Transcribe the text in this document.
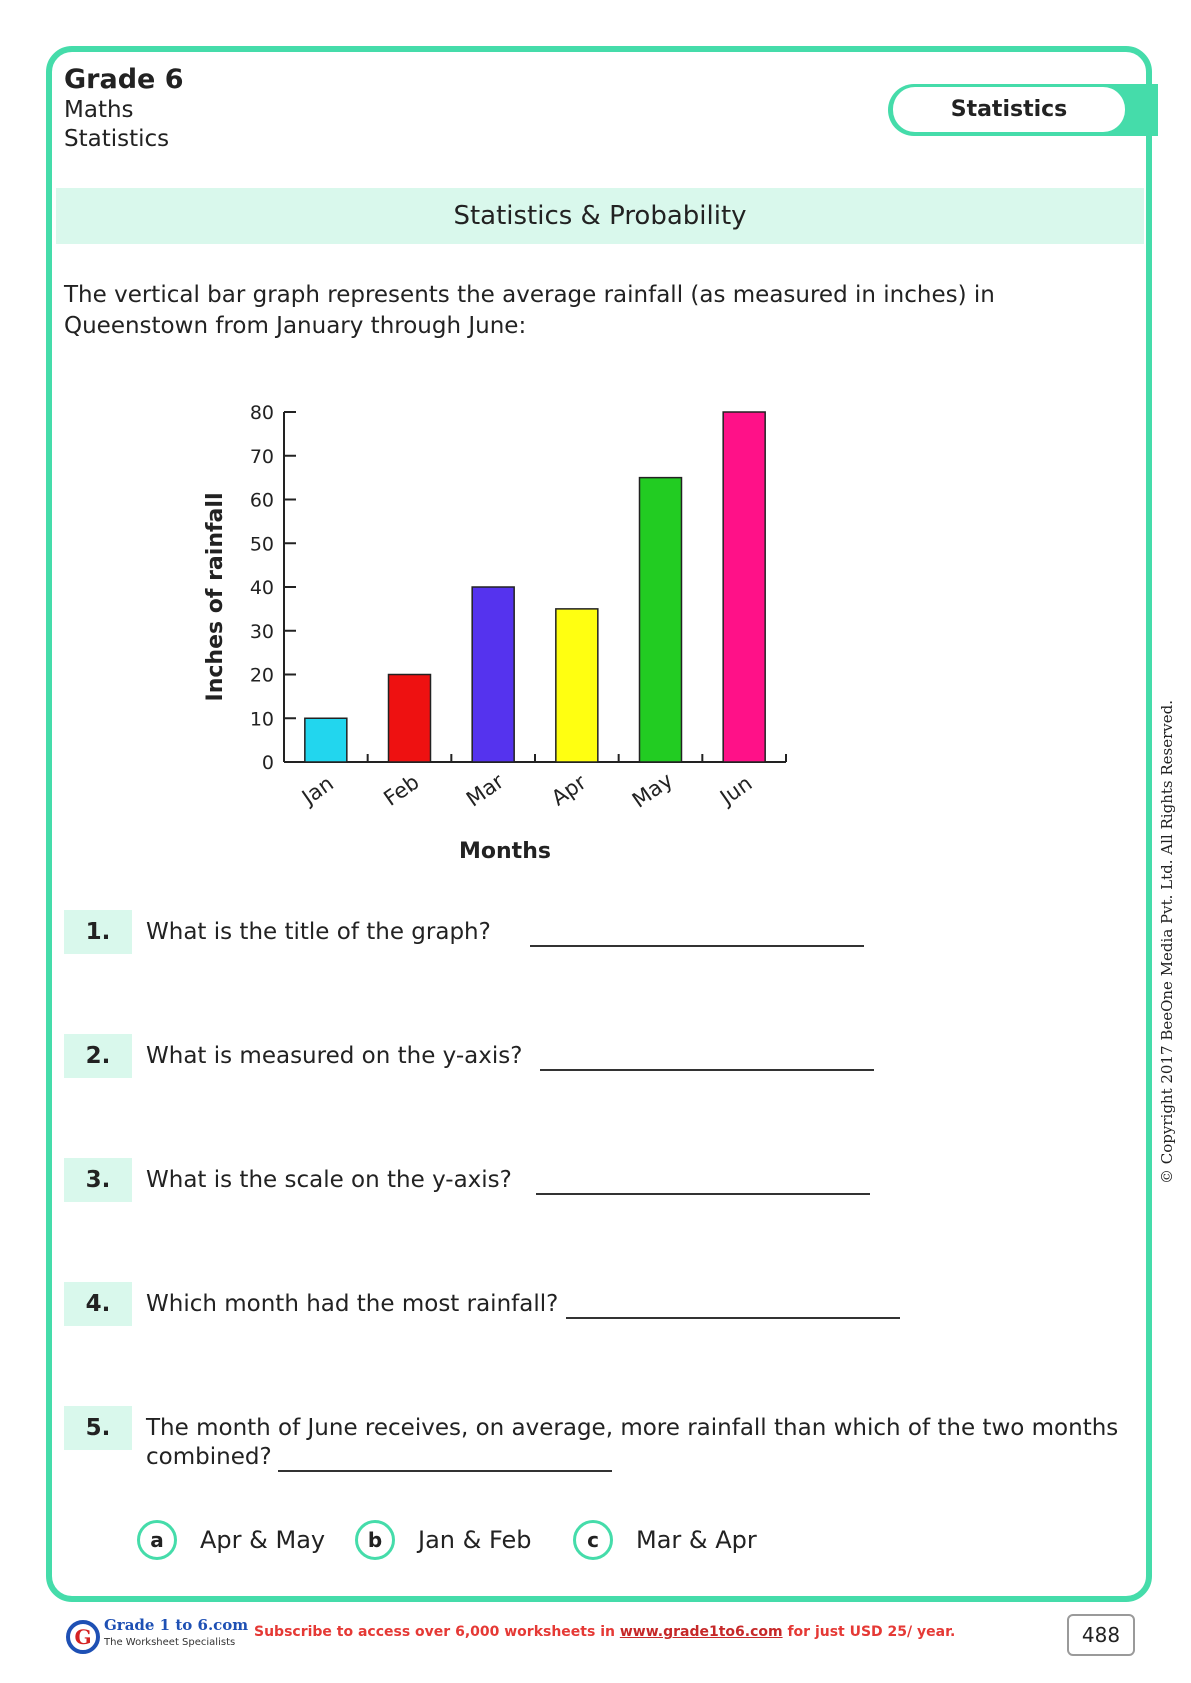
Grade 6
Maths
Statistics
Statistics
Statistics & Probability
The vertical bar graph represents the average rainfall (as measured in inches) in Queenstown from January through June:
0
10
20
30
40
50
60
70
80
Jan Feb Mar Apr May Jun
Months
Inches of rainfall
1.	What is the title of the graph?
2.	What is measured on the y-axis?
3.	What is the scale on the y-axis?
4.	Which month had the most rainfall?
5.	The month of June receives, on average, more rainfall than which of the two months
combined?
a	Apr & May	b	Jan & Feb	c	Mar & Apr
© Copyright 2017 BeeOne Media Pvt. Ltd. All Rights Reserved.
G Grade 1 to 6.com
The Worksheet Specialists
Subscribe to access over 6,000 worksheets in www.grade1to6.com for just USD 25/ year.	488
